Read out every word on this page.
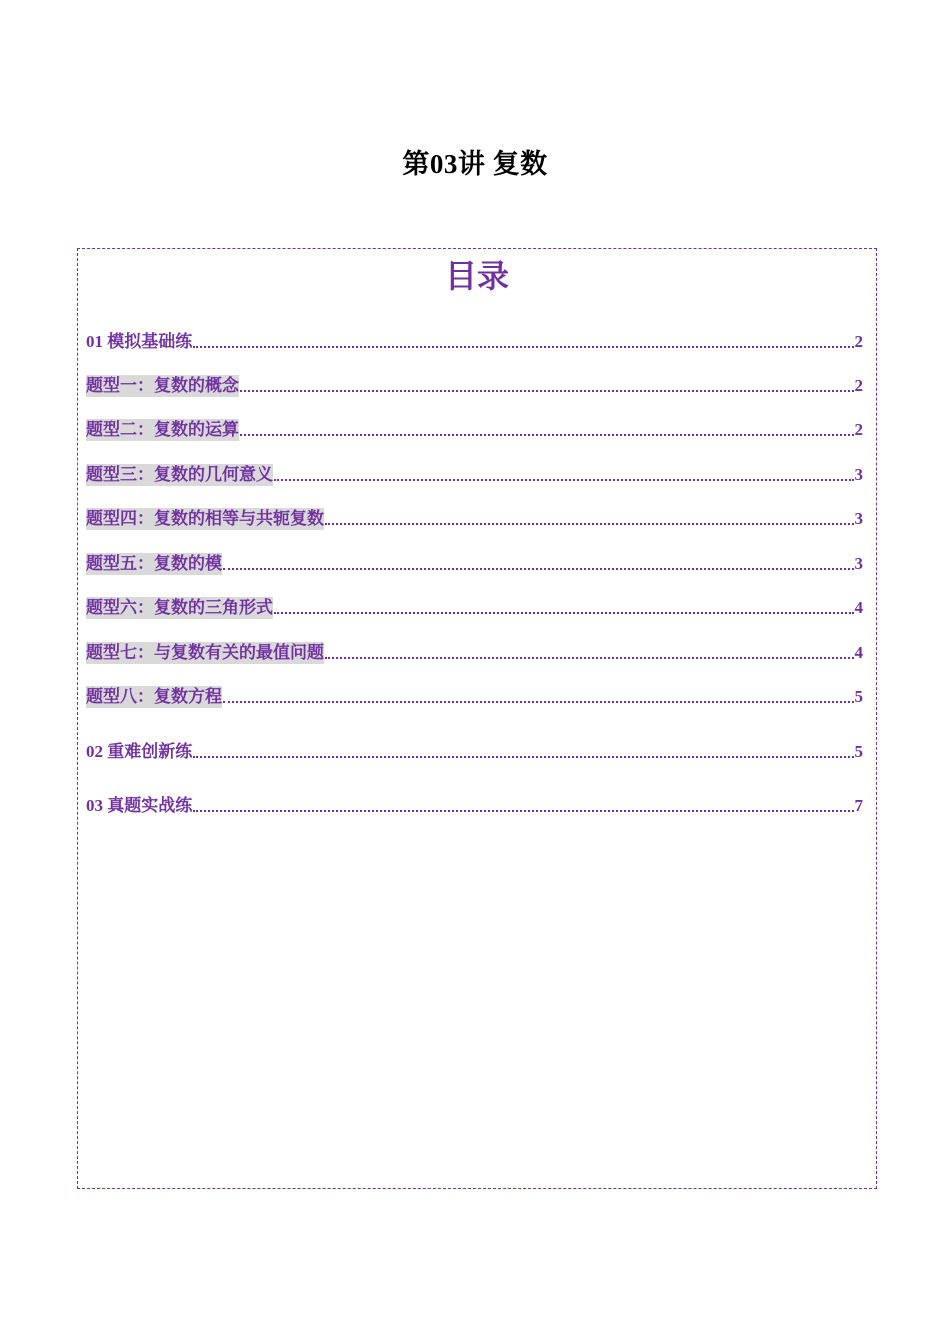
第03讲 复数
目录
01 模拟基础练	2
题型一：复数的概念	2
题型二：复数的运算	2
题型三：复数的几何意义	3
题型四：复数的相等与共轭复数	3
题型五：复数的模	3
题型六：复数的三角形式	4
题型七：与复数有关的最值问题	4
题型八：复数方程	5
02 重难创新练	5
03 真题实战练	7
